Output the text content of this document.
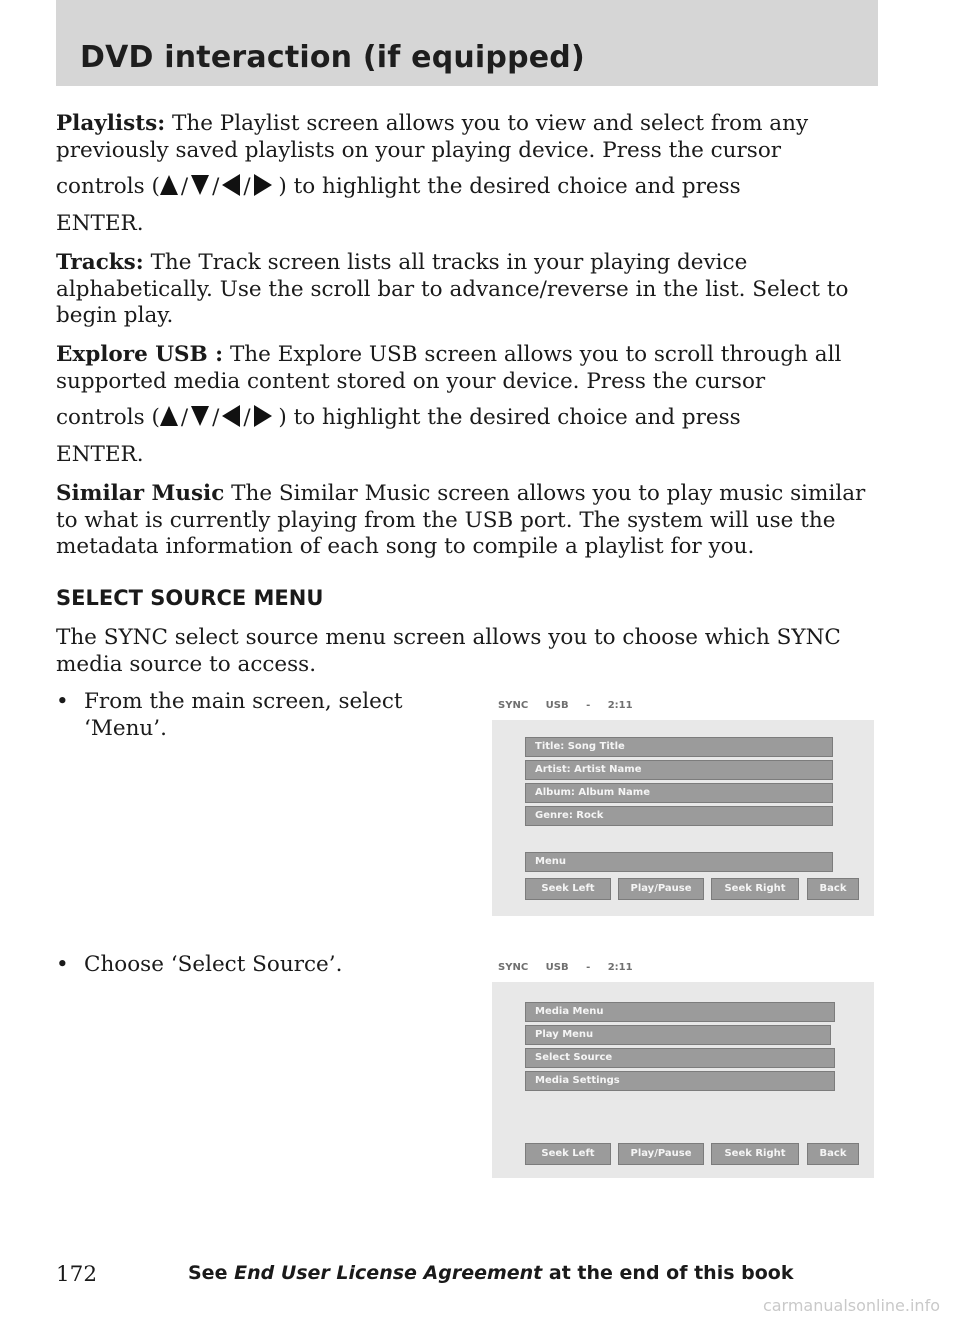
DVD interaction (if equipped)

Playlists: The Playlist screen allows you to view and select from any previously saved playlists on your playing device. Press the cursor

controls ( / / / ) to highlight the desired choice and press

ENTER.

Tracks: The Track screen lists all tracks in your playing device alphabetically. Use the scroll bar to advance/reverse in the list. Select to begin play.

Explore USB : The Explore USB screen allows you to scroll through all supported media content stored on your device. Press the cursor

controls ( / / / ) to highlight the desired choice and press

ENTER.

Similar Music The Similar Music screen allows you to play music similar to what is currently playing from the USB port. The system will use the metadata information of each song to compile a playlist for you.

SELECT SOURCE MENU

The SYNC select source menu screen allows you to choose which SYNC media source to access.

• From the main screen, select
‘Menu’.
• Choose ‘Select Source’.
SYNC USB - 2:11
Title: Song Title
Artist: Artist Name
Album: Album Name
Genre: Rock
Menu
Seek Left	Play/Pause	Seek Right	Back
SYNC USB - 2:11
Media Menu
Play Menu
Select Source
Media Settings
Seek Left	Play/Pause	Seek Right	Back
172	See End User License Agreement at the end of this book
carmanualsonline.info
